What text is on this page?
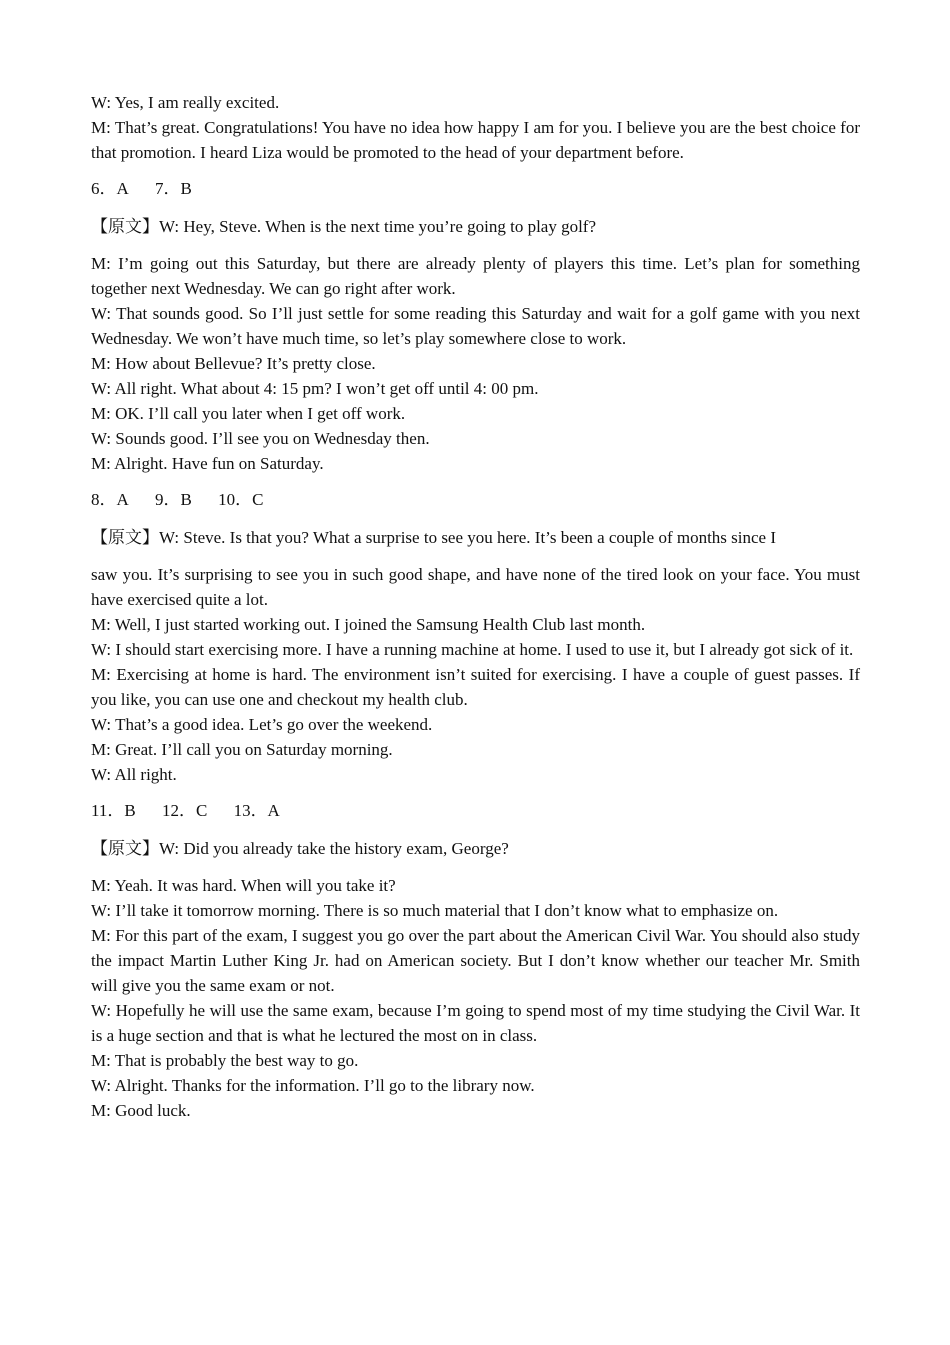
W: Yes, I am really excited.

M: That’s great. Congratulations! You have no idea how happy I am for you. I believe you are the best choice for that promotion. I heard Liza would be promoted to the head of your department before.

6．A 7．B
【原文】W: Hey, Steve. When is the next time you’re going to play golf?

M: I’m going out this Saturday, but there are already plenty of players this time. Let’s plan for something together next Wednesday. We can go right after work.

W: That sounds good. So I’ll just settle for some reading this Saturday and wait for a golf game with you next Wednesday. We won’t have much time, so let’s play somewhere close to work.

M: How about Bellevue? It’s pretty close.

W: All right. What about 4: 15 pm? I won’t get off until 4: 00 pm.

M: OK. I’ll call you later when I get off work.

W: Sounds good. I’ll see you on Wednesday then.

M: Alright. Have fun on Saturday.

8．A 9．B 10．C
【原文】W: Steve. Is that you? What a surprise to see you here. It’s been a couple of months since I

saw you. It’s surprising to see you in such good shape, and have none of the tired look on your face. You must have exercised quite a lot.

M: Well, I just started working out. I joined the Samsung Health Club last month.

W: I should start exercising more. I have a running machine at home. I used to use it, but I already got sick of it.

M: Exercising at home is hard. The environment isn’t suited for exercising. I have a couple of guest passes. If you like, you can use one and checkout my health club.

W: That’s a good idea. Let’s go over the weekend.

M: Great. I’ll call you on Saturday morning.

W: All right.

11．B 12．C 13．A
【原文】W: Did you already take the history exam, George?

M: Yeah. It was hard. When will you take it?

W: I’ll take it tomorrow morning. There is so much material that I don’t know what to emphasize on.

M: For this part of the exam, I suggest you go over the part about the American Civil War. You should also study the impact Martin Luther King Jr. had on American society. But I don’t know whether our teacher Mr. Smith will give you the same exam or not.

W: Hopefully he will use the same exam, because I’m going to spend most of my time studying the Civil War. It is a huge section and that is what he lectured the most on in class.

M: That is probably the best way to go.

W: Alright. Thanks for the information. I’ll go to the library now.

M: Good luck.
